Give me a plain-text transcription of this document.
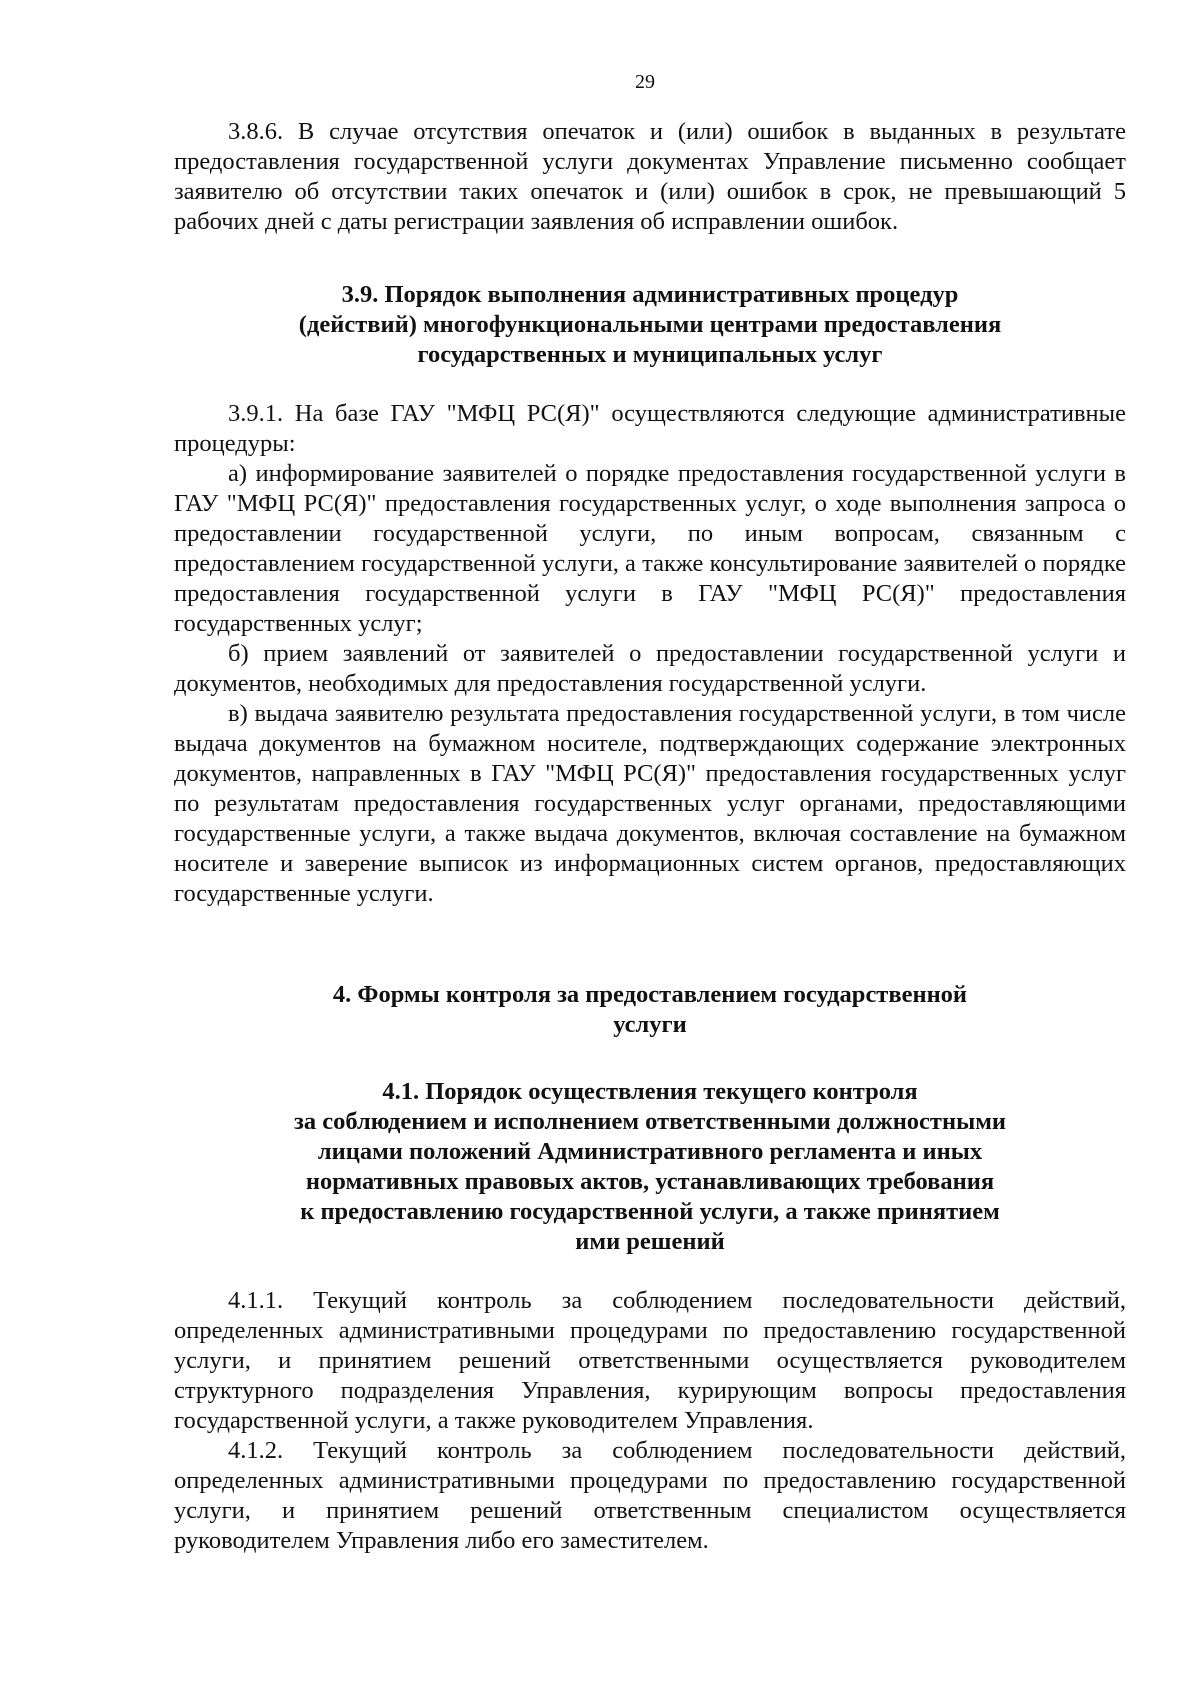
29

3.8.6. В случае отсутствия опечаток и (или) ошибок в выданных в результате предоставления государственной услуги документах Управление письменно сообщает заявителю об отсутствии таких опечаток и (или) ошибок в срок, не превышающий 5 рабочих дней с даты регистрации заявления об исправлении ошибок.

3.9. Порядок выполнения административных процедур
(действий) многофункциональными центрами предоставления
государственных и муниципальных услуг

3.9.1. На базе ГАУ "МФЦ РС(Я)" осуществляются следующие административные процедуры:

а) информирование заявителей о порядке предоставления государственной услуги в ГАУ "МФЦ РС(Я)" предоставления государственных услуг, о ходе выполнения запроса о предоставлении государственной услуги, по иным вопросам, связанным с предоставлением государственной услуги, а также консультирование заявителей о порядке предоставления государственной услуги в ГАУ "МФЦ РС(Я)" предоставления государственных услуг;

б) прием заявлений от заявителей о предоставлении государственной услуги и документов, необходимых для предоставления государственной услуги.

в) выдача заявителю результата предоставления государственной услуги, в том числе выдача документов на бумажном носителе, подтверждающих содержание электронных документов, направленных в ГАУ "МФЦ РС(Я)" предоставления государственных услуг по результатам предоставления государственных услуг органами, предоставляющими государственные услуги, а также выдача документов, включая составление на бумажном носителе и заверение выписок из информационных систем органов, предоставляющих государственные услуги.

4. Формы контроля за предоставлением государственной
услуги
4.1. Порядок осуществления текущего контроля
за соблюдением и исполнением ответственными должностными
лицами положений Административного регламента и иных
нормативных правовых актов, устанавливающих требования
к предоставлению государственной услуги, а также принятием
ими решений

4.1.1. Текущий контроль за соблюдением последовательности действий, определенных административными процедурами по предоставлению государственной услуги, и принятием решений ответственными осуществляется руководителем структурного подразделения Управления, курирующим вопросы предоставления государственной услуги, а также руководителем Управления.

4.1.2. Текущий контроль за соблюдением последовательности действий, определенных административными процедурами по предоставлению государственной услуги, и принятием решений ответственным специалистом осуществляется руководителем Управления либо его заместителем.
